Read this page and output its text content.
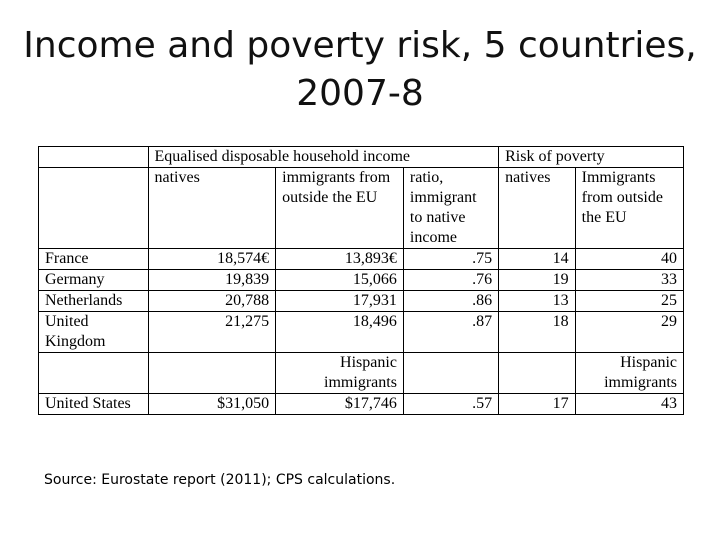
Income and poverty risk, 5 countries,
2007-8
	Equalised disposable household income			Risk of poverty	
	natives	immigrants from outside the EU	ratio, immigrant to native income	natives	Immigrants from outside the EU
France	18,574€	13,893€	.75	14	40
Germany	19,839	15,066	.76	19	33
Netherlands	20,788	17,931	.86	13	25
United Kingdom	21,275	18,496	.87	18	29
		Hispanic immigrants			Hispanic immigrants
United States	$31,050	$17,746	.57	17	43
Source: Eurostate report (2011); CPS calculations.
